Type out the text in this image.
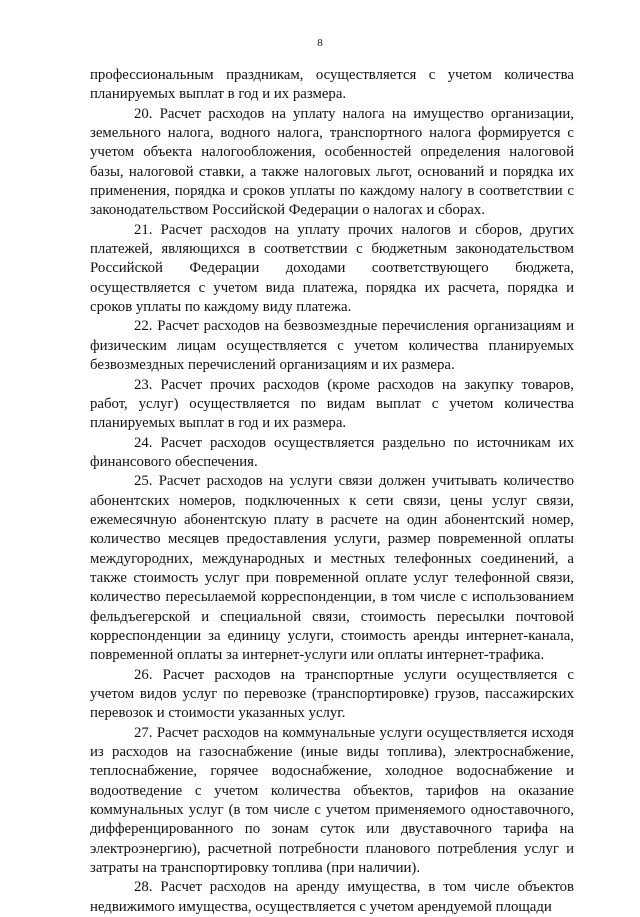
8

профессиональным праздникам, осуществляется с учетом количества планируемых выплат в год и их размера.

20. Расчет расходов на уплату налога на имущество организации, земельного налога, водного налога, транспортного налога формируется с учетом объекта налогообложения, особенностей определения налоговой базы, налоговой ставки, а также налоговых льгот, оснований и порядка их применения, порядка и сроков уплаты по каждому налогу в соответствии с законодательством Российской Федерации о налогах и сборах.

21. Расчет расходов на уплату прочих налогов и сборов, других платежей, являющихся в соответствии с бюджетным законодательством Российской Федерации доходами соответствующего бюджета, осуществляется с учетом вида платежа, порядка их расчета, порядка и сроков уплаты по каждому виду платежа.

22. Расчет расходов на безвозмездные перечисления организациям и физическим лицам осуществляется с учетом количества планируемых безвозмездных перечислений организациям и их размера.

23. Расчет прочих расходов (кроме расходов на закупку товаров, работ, услуг) осуществляется по видам выплат с учетом количества планируемых выплат в год и их размера.

24. Расчет расходов осуществляется раздельно по источникам их финансового обеспечения.

25. Расчет расходов на услуги связи должен учитывать количество абонентских номеров, подключенных к сети связи, цены услуг связи, ежемесячную абонентскую плату в расчете на один абонентский номер, количество месяцев предоставления услуги, размер повременной оплаты междугородних, международных и местных телефонных соединений, а также стоимость услуг при повременной оплате услуг телефонной связи, количество пересылаемой корреспонденции, в том числе с использованием фельдъегерской и специальной связи, стоимость пересылки почтовой корреспонденции за единицу услуги, стоимость аренды интернет-канала, повременной оплаты за интернет-услуги или оплаты интернет-трафика.

26. Расчет расходов на транспортные услуги осуществляется с учетом видов услуг по перевозке (транспортировке) грузов, пассажирских перевозок и стоимости указанных услуг.

27. Расчет расходов на коммунальные услуги осуществляется исходя из расходов на газоснабжение (иные виды топлива), электроснабжение, теплоснабжение, горячее водоснабжение, холодное водоснабжение и водоотведение с учетом количества объектов, тарифов на оказание коммунальных услуг (в том числе с учетом применяемого одноставочного, дифференцированного по зонам суток или двуставочного тарифа на электроэнергию), расчетной потребности планового потребления услуг и затраты на транспортировку топлива (при наличии).

28. Расчет расходов на аренду имущества, в том числе объектов недвижимого имущества, осуществляется с учетом арендуемой площади
